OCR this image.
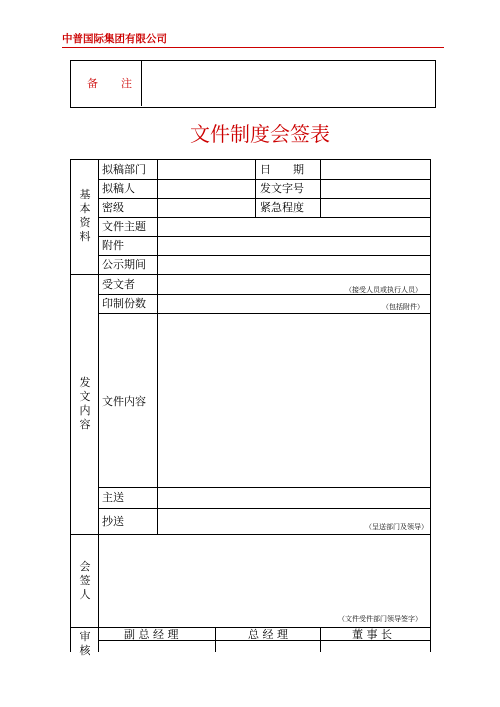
中普国际集团有限公司
备　注
文件制度会签表
基本资料
拟稿部门	日　　期
拟稿人	发文字号
密级	紧急程度
文件主题
附件
公示期间
发文内容
受文者	（接受人员或执行人员）
印制份数	（包括附件）
文件内容
主送
抄送	（呈送部门及领导）
会签人
（文件受件部门领导签字）
审核
副 总 经 理	总 经 理	董 事 长
